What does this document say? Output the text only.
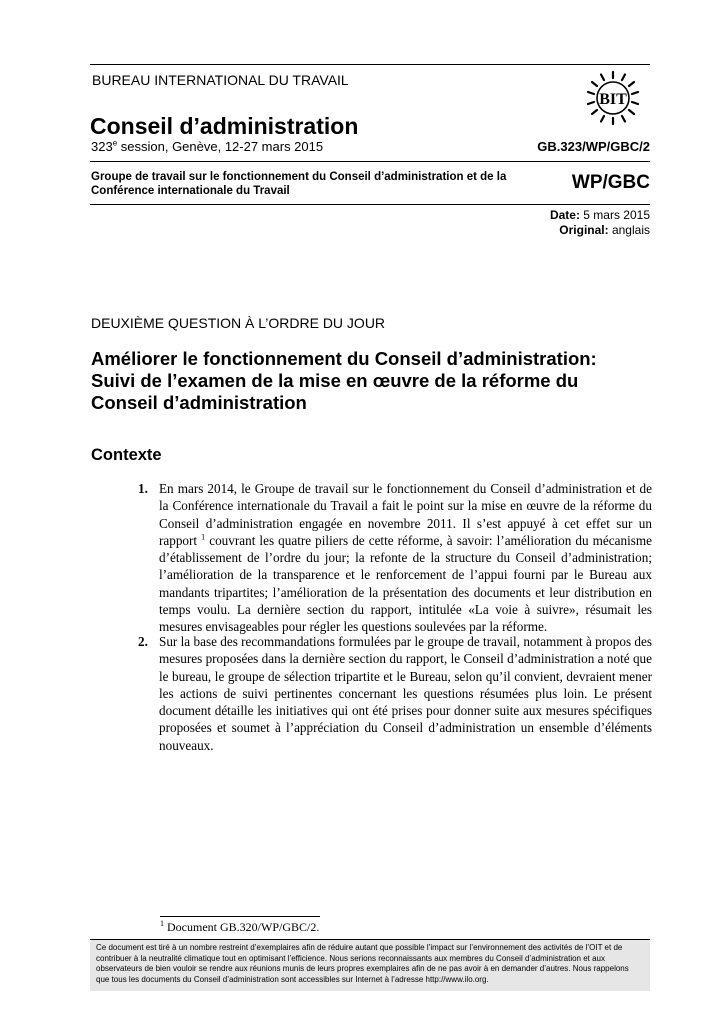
BUREAU INTERNATIONAL DU TRAVAIL
BIT
Conseil d’administration
323e session, Genève, 12-27 mars 2015	GB.323/WP/GBC/2
Groupe de travail sur le fonctionnement du Conseil d’administration et de la Conférence internationale du Travail	WP/GBC
Date: 5 mars 2015
Original: anglais
DEUXIÈME QUESTION À L’ORDRE DU JOUR
Améliorer le fonctionnement du Conseil d’administration: Suivi de l’examen de la mise en œuvre de la réforme du Conseil d’administration
Contexte
1. En mars 2014, le Groupe de travail sur le fonctionnement du Conseil d’administration et de la Conférence internationale du Travail a fait le point sur la mise en œuvre de la réforme du Conseil d’administration engagée en novembre 2011. Il s’est appuyé à cet effet sur un rapport $^1$ couvrant les quatre piliers de cette réforme, à savoir: l’amélioration du mécanisme d’établissement de l’ordre du jour; la refonte de la structure du Conseil d’administration; l’amélioration de la transparence et le renforcement de l’appui fourni par le Bureau aux mandants tripartites; l’amélioration de la présentation des documents et leur distribution en temps voulu. La dernière section du rapport, intitulée «La voie à suivre», résumait les mesures envisageables pour régler les questions soulevées par la réforme.
2. Sur la base des recommandations formulées par le groupe de travail, notamment à propos des mesures proposées dans la dernière section du rapport, le Conseil d’administration a noté que le bureau, le groupe de sélection tripartite et le Bureau, selon qu’il convient, devraient mener les actions de suivi pertinentes concernant les questions résumées plus loin. Le présent document détaille les initiatives qui ont été prises pour donner suite aux mesures spécifiques proposées et soumet à l’appréciation du Conseil d’administration un ensemble d’éléments nouveaux.
$^1$ Document GB.320/WP/GBC/2.
Ce document est tiré à un nombre restreint d’exemplaires afin de réduire autant que possible l’impact sur l’environnement des activités de l’OIT et de contribuer à la neutralité climatique tout en optimisant l’efficience. Nous serions reconnaissants aux membres du Conseil d’administration et aux observateurs de bien vouloir se rendre aux réunions munis de leurs propres exemplaires afin de ne pas avoir à en demander d’autres. Nous rappelons que tous les documents du Conseil d’administration sont accessibles sur Internet à l’adresse http://www.ilo.org.
